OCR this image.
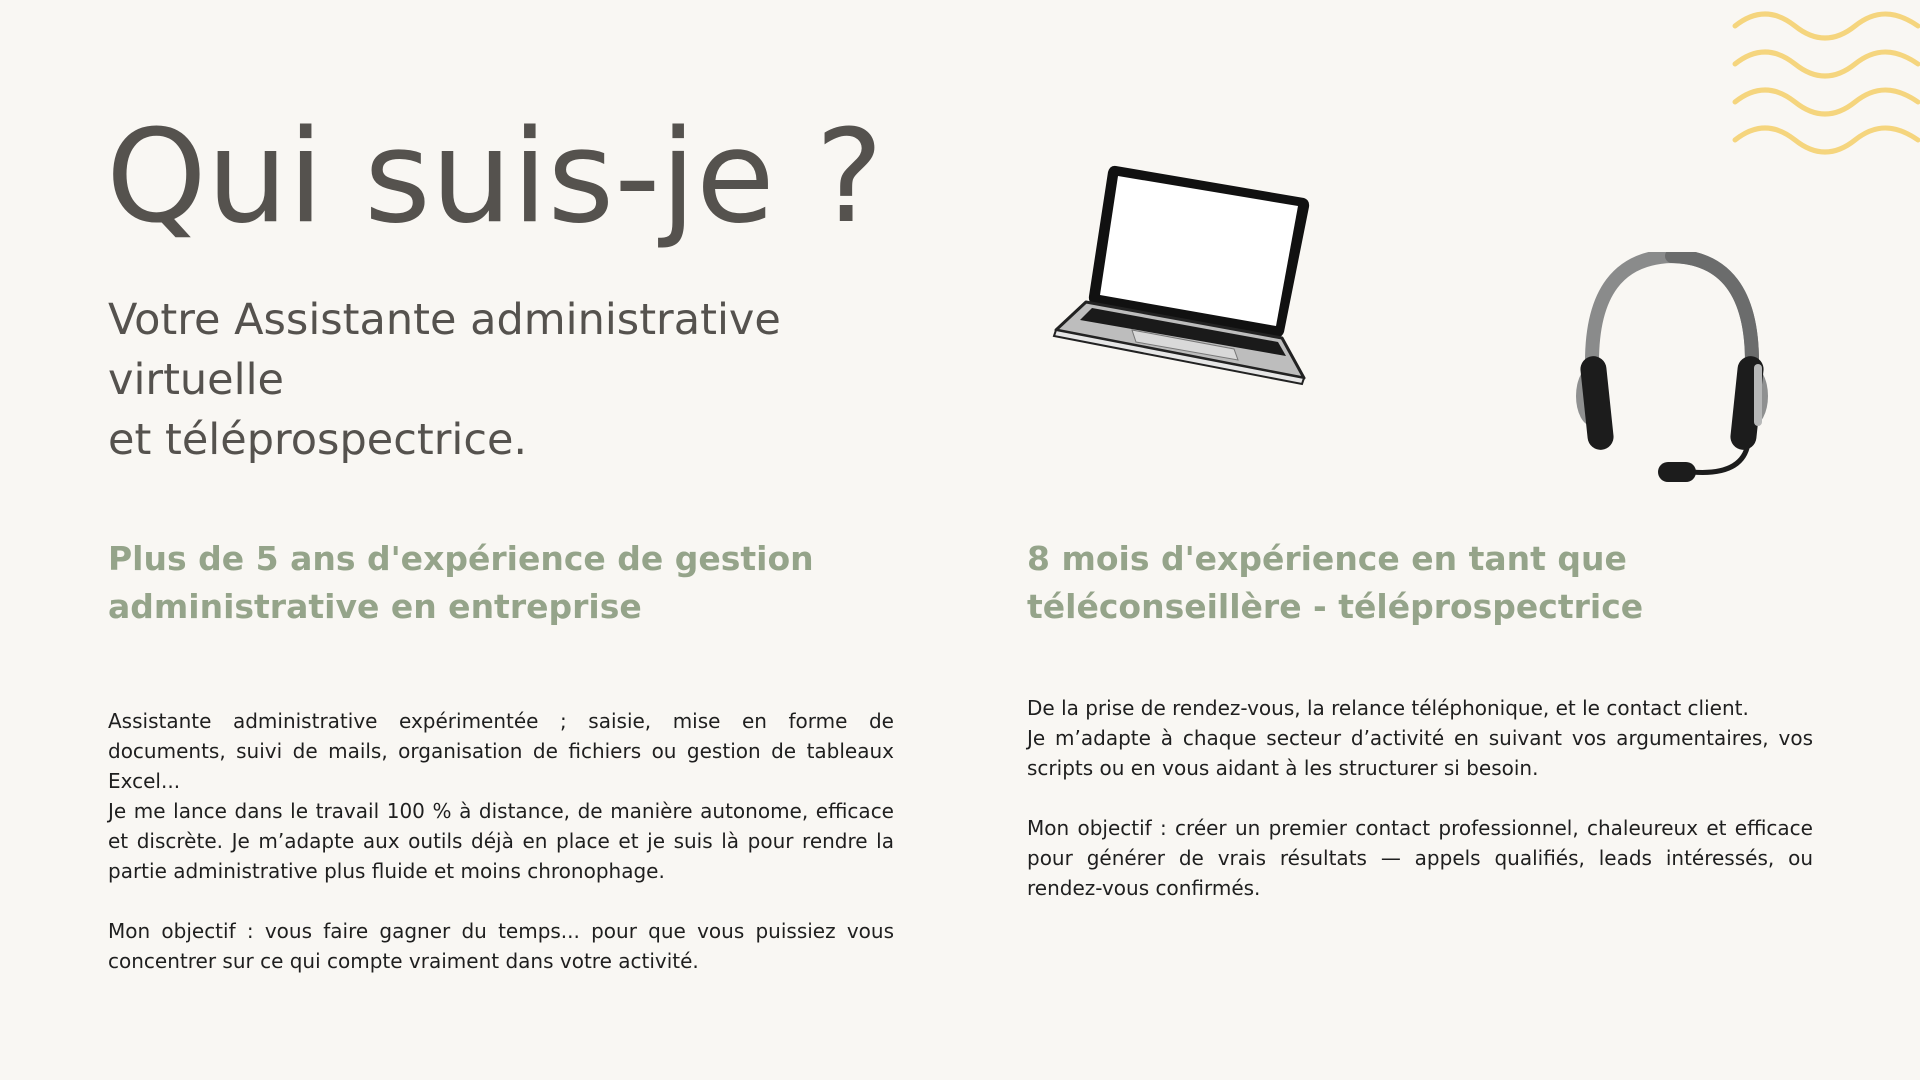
Qui suis-je ?
Votre Assistante administrative virtuelle
et téléprospectrice.
Plus de 5 ans d'expérience de gestion
administrative en entreprise
8 mois d'expérience en tant que
téléconseillère - téléprospectrice

Assistante administrative expérimentée ; saisie, mise en forme de documents, suivi de mails, organisation de fichiers ou gestion de tableaux Excel...

Je me lance dans le travail 100 % à distance, de manière autonome, efficace et discrète. Je m’adapte aux outils déjà en place et je suis là pour rendre la partie administrative plus fluide et moins chronophage.

Mon objectif : vous faire gagner du temps... pour que vous puissiez vous concentrer sur ce qui compte vraiment dans votre activité.

De la prise de rendez-vous, la relance téléphonique, et le contact client.

Je m’adapte à chaque secteur d’activité en suivant vos argumentaires, vos scripts ou en vous aidant à les structurer si besoin.

Mon objectif : créer un premier contact professionnel, chaleureux et efficace pour générer de vrais résultats — appels qualifiés, leads intéressés, ou rendez-vous confirmés.
